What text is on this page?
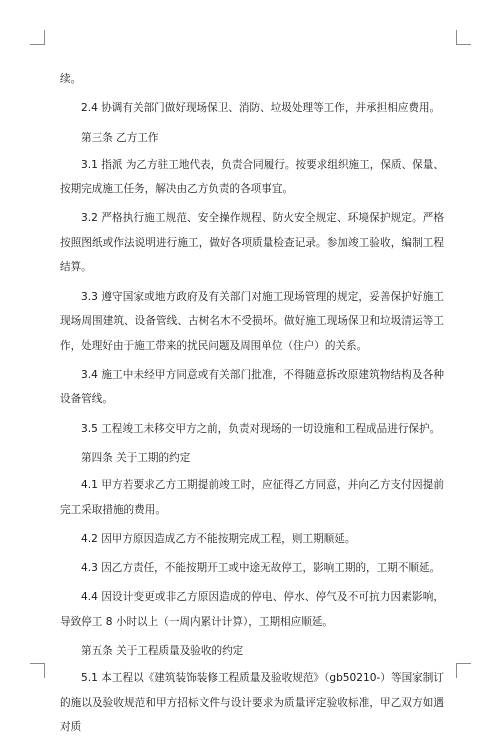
续。

2.4 协调有关部门做好现场保卫、消防、垃圾处理等工作，并承担相应费用。

第三条 乙方工作

3.1 指派 为乙方驻工地代表，负责合同履行。按要求组织施工，保质、保量、按期完成施工任务，解决由乙方负责的各项事宜。

3.2 严格执行施工规范、安全操作规程、防火安全规定、环境保护规定。严格按照图纸或作法说明进行施工，做好各项质量检查记录。参加竣工验收，编制工程结算。

3.3 遵守国家或地方政府及有关部门对施工现场管理的规定，妥善保护好施工现场周围建筑、设备管线、古树名木不受损坏。做好施工现场保卫和垃圾清运等工作，处理好由于施工带来的扰民问题及周围单位（住户）的关系。

3.4 施工中未经甲方同意或有关部门批准，不得随意拆改原建筑物结构及各种设备管线。

3.5 工程竣工未移交甲方之前，负责对现场的一切设施和工程成品进行保护。

第四条 关于工期的约定

4.1 甲方若要求乙方工期提前竣工时，应征得乙方同意，并向乙方支付因提前完工采取措施的费用。

4.2 因甲方原因造成乙方不能按期完成工程，则工期顺延。

4.3 因乙方责任，不能按期开工或中途无故停工，影响工期的，工期不顺延。

4.4 因设计变更或非乙方原因造成的停电、停水、停气及不可抗力因素影响，导致停工 8 小时以上（一周内累计计算），工期相应顺延。

第五条 关于工程质量及验收的约定

5.1 本工程以《建筑装饰装修工程质量及验收规范》（gb50210-）等国家制订的施以及验收规范和甲方招标文件与设计要求为质量评定验收标准，甲乙双方如遇对质
